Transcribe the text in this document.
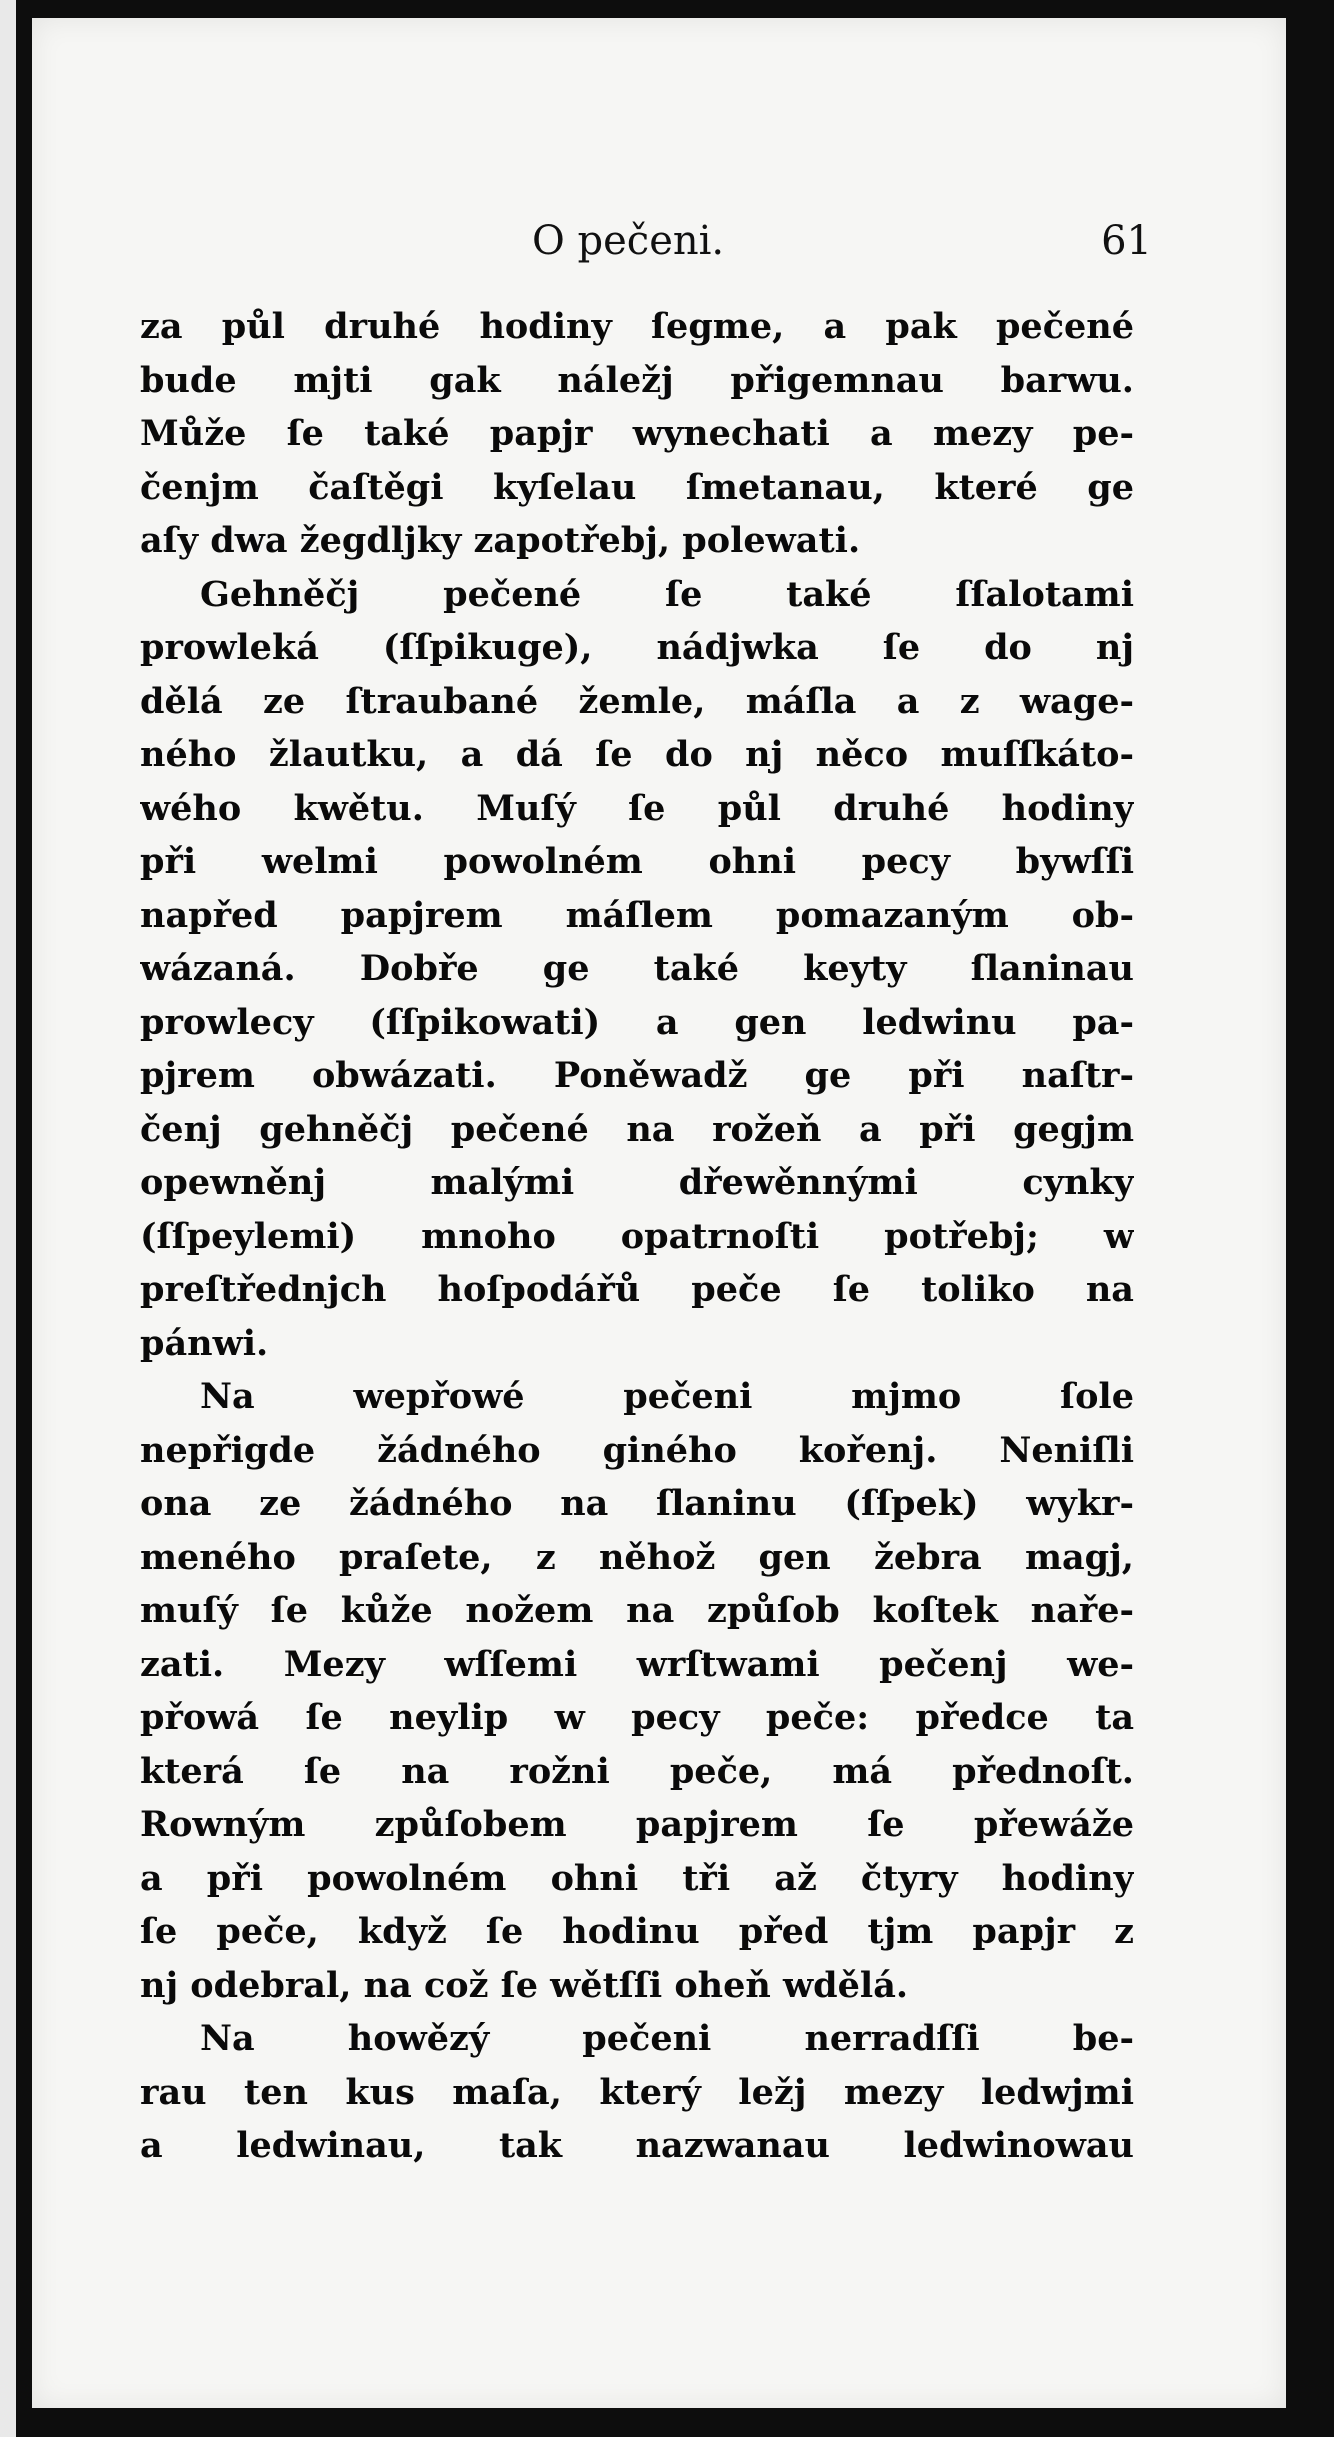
O pečeni.	61
za půl druhé hodiny ſegme, a pak pečené
bude mjti gak náležj přigemnau barwu.
Může ſe také papjr wynechati a mezy pe-
čenjm čaſtěgi kyſelau ſmetanau, které ge
aſy dwa žegdljky zapotřebj, polewati.
Gehněčj pečené ſe také ſſalotami
prowleká (ſſpikuge), nádjwka ſe do nj
dělá ze ſtraubané žemle, máſla a z wage-
ného žlautku, a dá ſe do nj něco muſſkáto-
wého kwětu. Muſý ſe půl druhé hodiny
při welmi powolném ohni pecy bywſſi
napřed papjrem máſlem pomazaným ob-
wázaná. Dobře ge také keyty ſlaninau
prowlecy (ſſpikowati) a gen ledwinu pa-
pjrem obwázati. Poněwadž ge při naſtr-
čenj gehněčj pečené na rožeň a při gegjm
opewněnj malými dřewěnnými cynky
(ſſpeylemi) mnoho opatrnoſti potřebj; w
preſtřednjch hoſpodářů peče ſe toliko na
pánwi.
Na wepřowé pečeni mjmo ſole
nepřigde žádného giného kořenj. Neniſli
ona ze žádného na ſlaninu (ſſpek) wykr-
meného praſete, z něhož gen žebra magj,
muſý ſe kůže nožem na způſob koſtek naře-
zati. Mezy wſſemi wrſtwami pečenj we-
přowá ſe neylip w pecy peče: předce ta
která ſe na rožni peče, má přednoſt.
Rowným způſobem papjrem ſe přewáže
a při powolném ohni tři až čtyry hodiny
ſe peče, když ſe hodinu před tjm papjr z
nj odebral, na což ſe wětſſi oheň wdělá.
Na howězý pečeni nerradſſi be-
rau ten kus maſa, který ležj mezy ledwjmi
a ledwinau, tak nazwanau ledwinowau
